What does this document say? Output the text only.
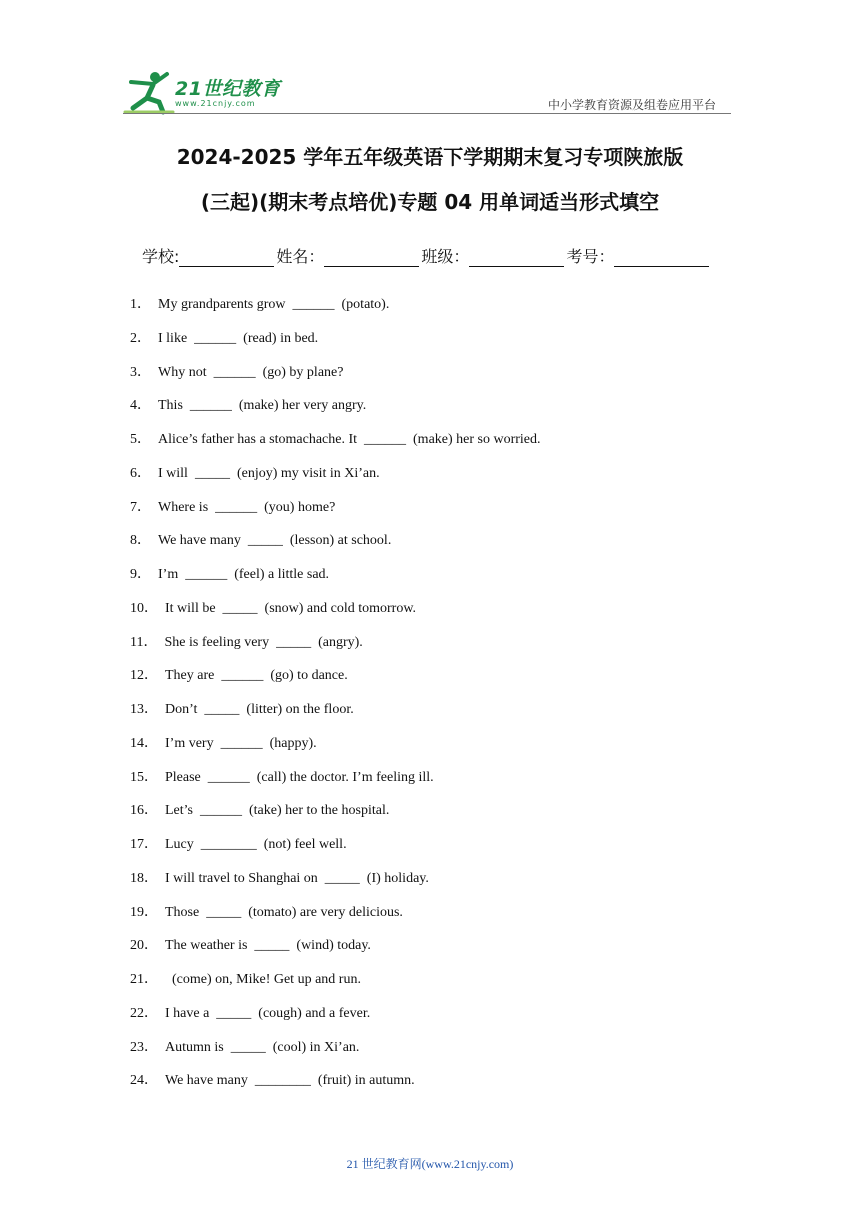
21世纪教育
www.21cnjy.com	中小学教育资源及组卷应用平台
2024-2025 学年五年级英语下学期期末复习专项陕旅版
(三起)(期末考点培优)专题 04 用单词适当形式填空
学校:	姓名：	班级：	考号：
1． My grandparents grow  ______  (potato).
2． I like  ______  (read) in bed.
3． Why not  ______  (go) by plane?
4． This  ______  (make) her very angry.
5． Alice’s father has a stomachache. It  ______  (make) her so worried.
6． I will  _____  (enjoy) my visit in Xi’an.
7． Where is  ______  (you) home?
8． We have many  _____  (lesson) at school.
9． I’m  ______  (feel) a little sad.
10． It will be  _____  (snow) and cold tomorrow.
11． She is feeling very  _____  (angry).
12． They are  ______  (go) to dance.
13． Don’t  _____  (litter) on the floor.
14． I’m very  ______  (happy).
15． Please  ______  (call) the doctor. I’m feeling ill.
16． Let’s  ______  (take) her to the hospital.
17． Lucy  ________  (not) feel well.
18． I will travel to Shanghai on  _____  (I) holiday.
19． Those  _____  (tomato) are very delicious.
20． The weather is  _____  (wind) today.
21． (come) on, Mike! Get up and run.
22． I have a  _____  (cough) and a fever.
23． Autumn is  _____  (cool) in Xi’an.
24． We have many  ________  (fruit) in autumn.
21 世纪教育网(www.21cnjy.com)
